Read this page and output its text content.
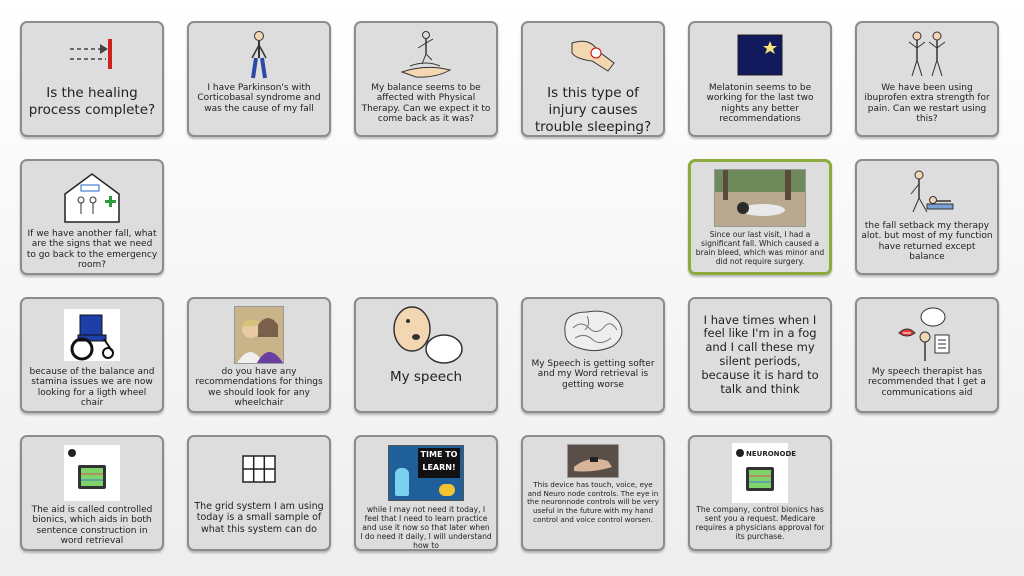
Is the healing process complete?
I have Parkinson's with Corticobasal syndrome and was the cause of my fall
My balance seems to be affected with Physical Therapy. Can we expect it to come back as it was?
Is this type of injury causes trouble sleeping?
Melatonin seems to be working for the last two nights any better recommendations
We have been using ibuprofen extra strength for pain. Can we restart using this?
If we have another fall, what are the signs that we need to go back to the emergency room?
Since our last visit, I had a significant fall. Which caused a brain bleed, which was minor and did not require surgery.
the fall setback my therapy alot. but most of my function have returned except balance
because of the balance and stamina issues we are now looking for a ligth wheel chair
do you have any recommendations for things we should look for any wheelchair
My speech
My Speech is getting softer and my Word retrieval is getting worse
I have times when I feel like I'm in a fog and I call these my silent periods, because it is hard to talk and think
My speech therapist has recommended that I get a communications aid
The aid is called controlled bionics, which aids in both sentence construction in word retrieval
The grid system I am using today is a small sample of what this system can do
TIME TO LEARN!
while I may not need it today, I feel that I need to learn practice and use it now so that later when I do need it daily, I will understand how to
This device has touch, voice, eye and Neuro node controls. The eye in the neuronnode controls will be very useful in the future with my hand control and voice control worsen.
NEURONODE
The company, control bionics has sent you a request. Medicare requires a physicians approval for its purchase.
